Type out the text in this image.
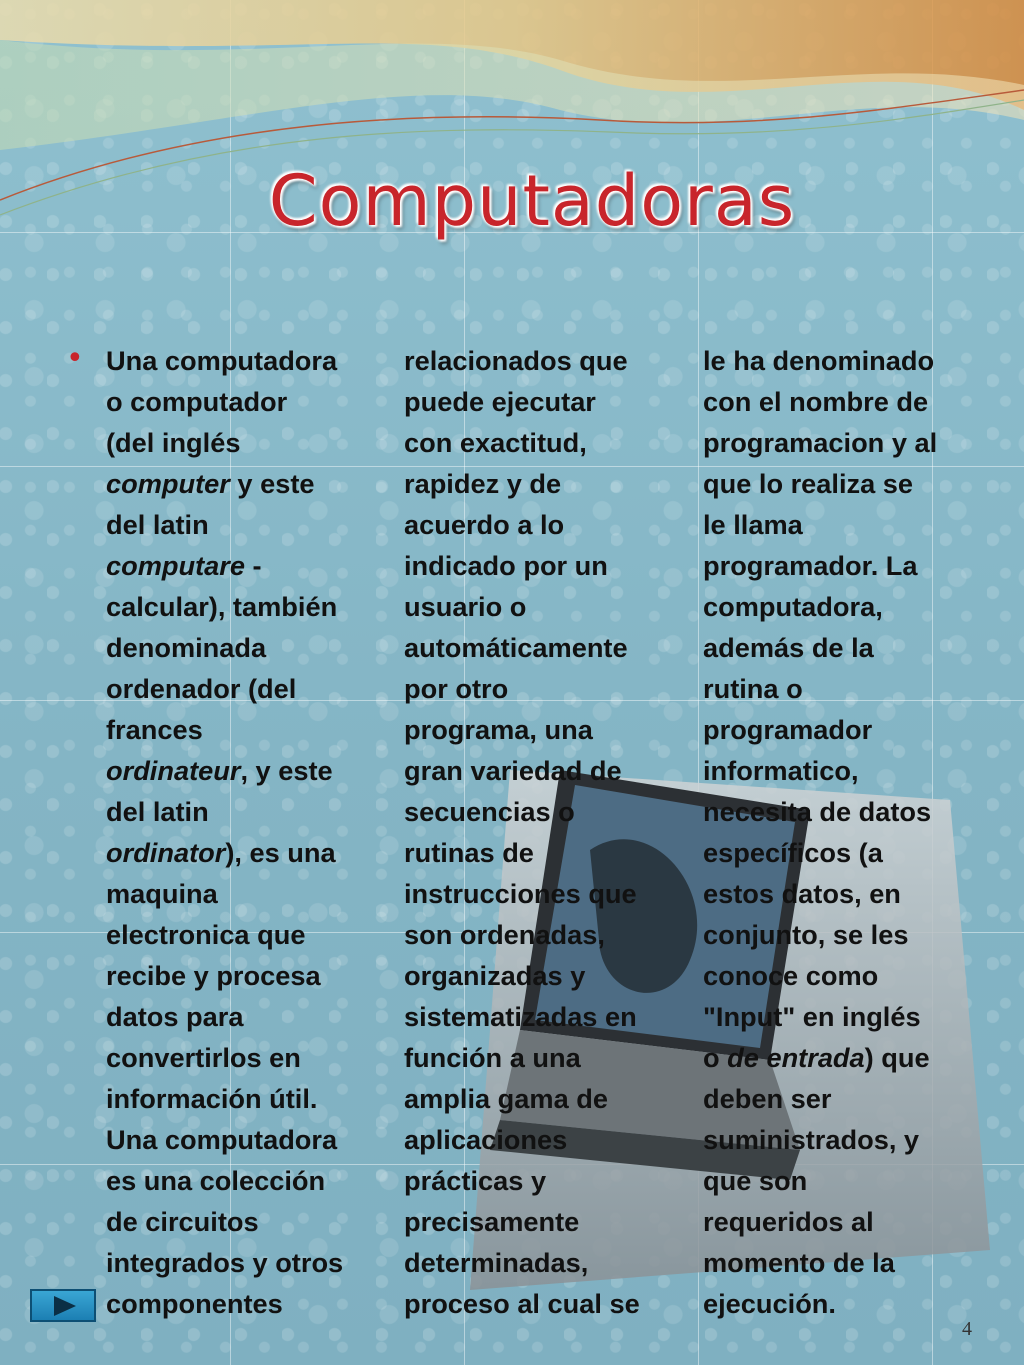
Computadoras
• Una computadora
o computador
(del inglés
computer y este
del latin
computare -
calcular), también
denominada
ordenador (del
frances
ordinateur, y este
del latin
ordinator), es una
maquina
electronica que
recibe y procesa
datos para
convertirlos en
información útil.
Una computadora
es una colección
de circuitos
integrados y otros
componentes
relacionados que
puede ejecutar
con exactitud,
rapidez y de
acuerdo a lo
indicado por un
usuario o
automáticamente
por otro
programa, una
gran variedad de
secuencias o
rutinas de
instrucciones que
son ordenadas,
organizadas y
sistematizadas en
función a una
amplia gama de
aplicaciones
prácticas y
precisamente
determinadas,
proceso al cual se
le ha denominado
con el nombre de
programacion y al
que lo realiza se
le llama
programador. La
computadora,
además de la
rutina o
programador
informatico,
necesita de datos
específicos (a
estos datos, en
conjunto, se les
conoce como
"Input" en inglés
o de entrada) que
deben ser
suministrados, y
que son
requeridos al
momento de la
ejecución.
4
